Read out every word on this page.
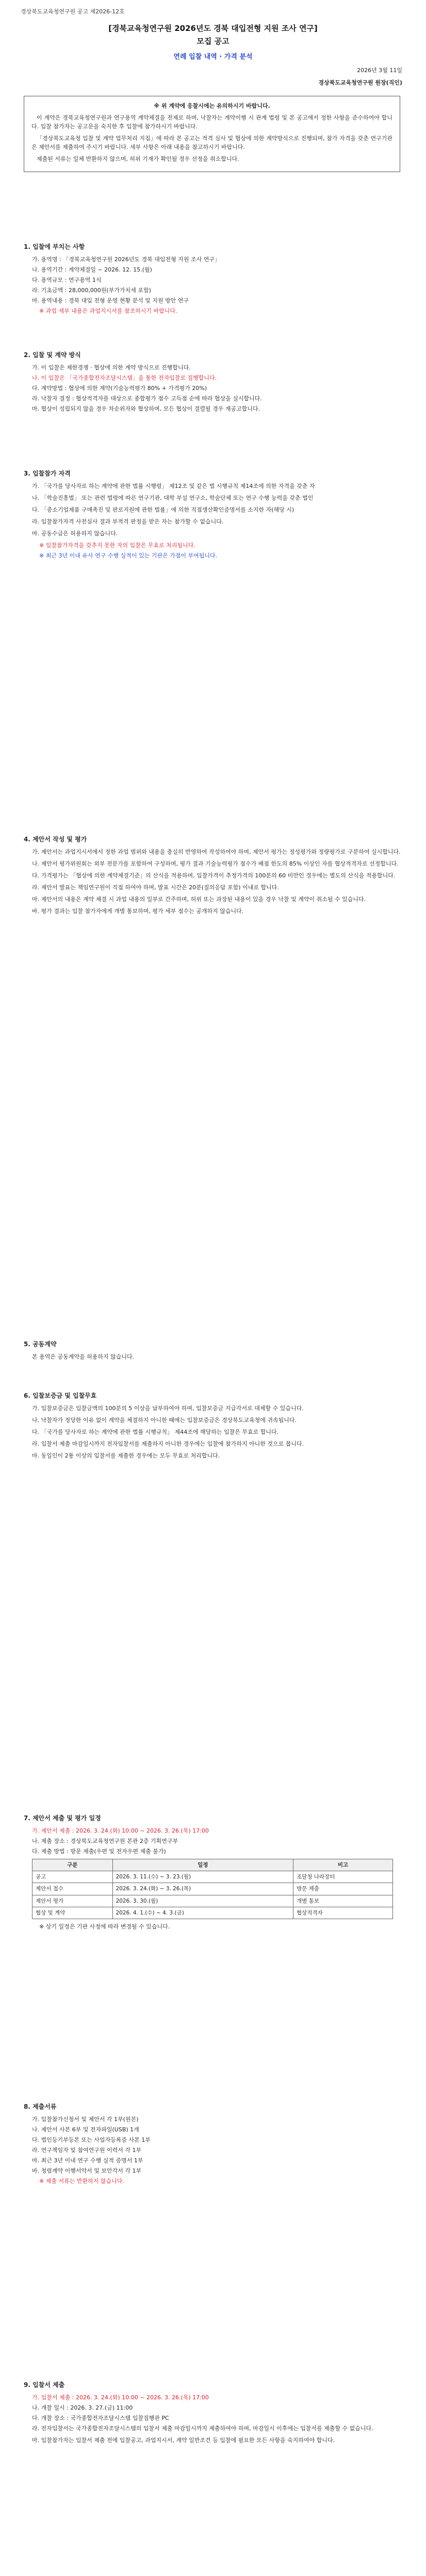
경상북도교육청연구원 공고 제2026-12호
[경북교육청연구원 2026년도 경북 대입전형 지원 조사 연구]
모집 공고
연례 입찰 내역 · 가격 분석
2026년 3월 11일
경상북도교육청연구원 원장(직인)
※ 위 계약에 응찰시에는 유의하시기 바랍니다.

이 계약은 경북교육청연구원과 연구용역 계약체결을 전제로 하며, 낙찰자는 계약이행 시 관계 법령 및 본 공고에서 정한 사항을 준수하여야 합니다. 입찰 참가자는 공고문을 숙지한 후 입찰에 참가하시기 바랍니다.

「경상북도교육청 입찰 및 계약 업무처리 지침」에 따라 본 공고는 적격 심사 및 협상에 의한 계약방식으로 진행되며, 참가 자격을 갖춘 연구기관은 제안서를 제출하여 주시기 바랍니다. 세부 사항은 아래 내용을 참고하시기 바랍니다.

제출된 서류는 일체 반환하지 않으며, 허위 기재가 확인될 경우 선정을 취소합니다.

1. 입찰에 부치는 사항
가. 용역명 : 「경북교육청연구원 2026년도 경북 대입전형 지원 조사 연구」
나. 용역기간 : 계약체결일 ~ 2026. 12. 15.(월)
다. 용역규모 : 연구용역 1식
라. 기초금액 : 28,000,000원(부가가치세 포함)
마. 용역내용 : 경북 대입 전형 운영 현황 분석 및 지원 방안 연구
※ 과업 세부 내용은 과업지시서를 참조하시기 바랍니다.
2. 입찰 및 계약 방식
가. 이 입찰은 제한경쟁 · 협상에 의한 계약 방식으로 진행합니다.
나. 이 입찰은 「국가종합전자조달시스템」을 통한 전자입찰로 집행합니다.
다. 계약방법 : 협상에 의한 계약(기술능력평가 80% + 가격평가 20%)
라. 낙찰자 결정 : 협상적격자를 대상으로 종합평가 점수 고득점 순에 따라 협상을 실시합니다.
마. 협상이 성립되지 않을 경우 차순위자와 협상하며, 모든 협상이 결렬될 경우 재공고합니다.
3. 입찰참가 자격
가. 「국가를 당사자로 하는 계약에 관한 법률 시행령」 제12조 및 같은 법 시행규칙 제14조에 의한 자격을 갖춘 자
나. 「학술진흥법」 또는 관련 법령에 따른 연구기관, 대학 부설 연구소, 학술단체 또는 연구 수행 능력을 갖춘 법인
다. 「중소기업제품 구매촉진 및 판로지원에 관한 법률」에 의한 직접생산확인증명서를 소지한 자(해당 시)
라. 입찰참가자격 사전심사 결과 부적격 판정을 받은 자는 참가할 수 없습니다.
마. 공동수급은 허용하지 않습니다.
※ 입찰참가자격을 갖추지 못한 자의 입찰은 무효로 처리됩니다.
※ 최근 3년 이내 유사 연구 수행 실적이 있는 기관은 가점이 부여됩니다.
4. 제안서 작성 및 평가
가. 제안서는 과업지시서에서 정한 과업 범위와 내용을 충실히 반영하여 작성하여야 하며, 제안서 평가는 정성평가와 정량평가로 구분하여 실시합니다.
나. 제안서 평가위원회는 외부 전문가를 포함하여 구성하며, 평가 결과 기술능력평가 점수가 배점 한도의 85% 이상인 자를 협상적격자로 선정합니다.
다. 가격평가는 「협상에 의한 계약체결기준」의 산식을 적용하며, 입찰가격이 추정가격의 100분의 60 미만인 경우에는 별도의 산식을 적용합니다.
라. 제안서 발표는 책임연구원이 직접 하여야 하며, 발표 시간은 20분(질의응답 포함) 이내로 합니다.
마. 제안서의 내용은 계약 체결 시 과업 내용의 일부로 간주하며, 허위 또는 과장된 내용이 있을 경우 낙찰 및 계약이 취소될 수 있습니다.
바. 평가 결과는 입찰 참가자에게 개별 통보하며, 평가 세부 점수는 공개하지 않습니다.
5. 공동계약
본 용역은 공동계약을 허용하지 않습니다.
6. 입찰보증금 및 입찰무효
가. 입찰보증금은 입찰금액의 100분의 5 이상을 납부하여야 하며, 입찰보증금 지급각서로 대체할 수 있습니다.
나. 낙찰자가 정당한 이유 없이 계약을 체결하지 아니한 때에는 입찰보증금은 경상북도교육청에 귀속됩니다.
다. 「국가를 당사자로 하는 계약에 관한 법률 시행규칙」 제44조에 해당하는 입찰은 무효로 합니다.
라. 입찰서 제출 마감일시까지 전자입찰서를 제출하지 아니한 경우에는 입찰에 참가하지 아니한 것으로 봅니다.
마. 동일인이 2통 이상의 입찰서를 제출한 경우에는 모두 무효로 처리합니다.
7. 제안서 제출 및 평가 일정
가. 제안서 제출 : 2026. 3. 24.(화) 10:00 ~ 2026. 3. 26.(목) 17:00
나. 제출 장소 : 경상북도교육청연구원 본관 2층 기획연구부
다. 제출 방법 : 방문 제출(우편 및 전자우편 제출 불가)
구분	일정	비고
공고	2026. 3. 11.(수) ~ 3. 23.(월)	조달청 나라장터
제안서 접수	2026. 3. 24.(화) ~ 3. 26.(목)	방문 제출
제안서 평가	2026. 3. 30.(월)	개별 통보
협상 및 계약	2026. 4. 1.(수) ~ 4. 3.(금)	협상적격자
※ 상기 일정은 기관 사정에 따라 변경될 수 있습니다.
8. 제출서류
가. 입찰참가신청서 및 제안서 각 1부(원본)
나. 제안서 사본 6부 및 전자파일(USB) 1개
다. 법인등기부등본 또는 사업자등록증 사본 1부
라. 연구책임자 및 참여연구원 이력서 각 1부
마. 최근 3년 이내 연구 수행 실적 증명서 1부
바. 청렴계약 이행서약서 및 보안각서 각 1부
※ 제출 서류는 반환하지 않습니다.
9. 입찰서 제출
가. 입찰서 제출 : 2026. 3. 24.(화) 10:00 ~ 2026. 3. 26.(목) 17:00
나. 개찰 일시 : 2026. 3. 27.(금) 11:00
다. 개찰 장소 : 국가종합전자조달시스템 입찰집행관 PC
라. 전자입찰서는 국가종합전자조달시스템의 입찰서 제출 마감일시까지 제출하여야 하며, 마감일시 이후에는 입찰서를 제출할 수 없습니다.
마. 입찰참가자는 입찰서 제출 전에 입찰공고, 과업지시서, 계약 일반조건 등 입찰에 필요한 모든 사항을 숙지하여야 합니다.
